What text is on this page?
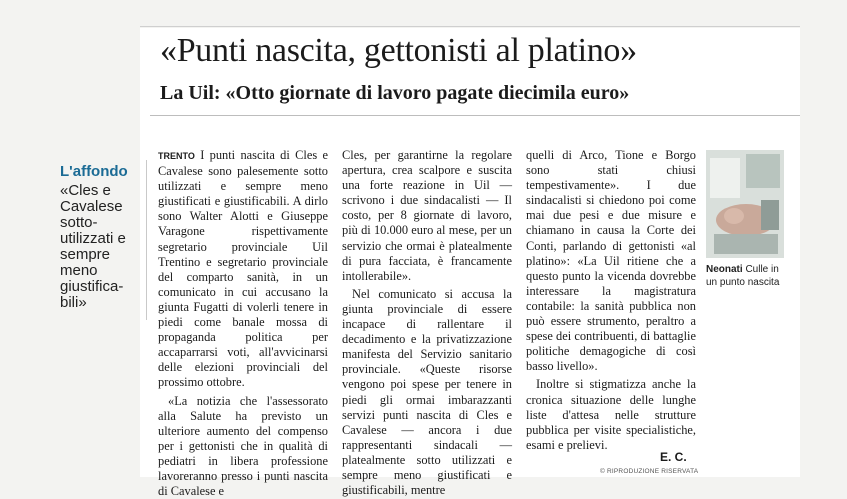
«Punti nascita, gettonisti al platino»
La Uil: «Otto giornate di lavoro pagate diecimila euro»
L'affondo
«Cles e Cavalese sotto-utilizzati e sempre meno giustifica-bili»

TRENTO I punti nascita di Cles e Cavalese sono palesemente sotto utilizzati e sempre meno giustificati e giustificabili. A dirlo sono Walter Alotti e Giuseppe Varagone rispettivamente segretario provinciale Uil Trentino e segretario provinciale del comparto sanità, in un comunicato in cui accusano la giunta Fugatti di volerli tenere in piedi come banale mossa di propaganda politica per accaparrarsi voti, all'avvicinarsi delle elezioni provinciali del prossimo ottobre.

«La notizia che l'assessorato alla Salute ha previsto un ulteriore aumento del compenso per i gettonisti che in qualità di pediatri in libera professione lavoreranno presso i punti nascita di Cavalese e

Cles, per garantirne la regolare apertura, crea scalpore e suscita una forte reazione in Uil — scrivono i due sindacalisti — Il costo, per 8 giornate di lavoro, più di 10.000 euro al mese, per un servizio che ormai è platealmente di pura facciata, è francamente intollerabile».

Nel comunicato si accusa la giunta provinciale di essere incapace di rallentare il decadimento e la privatizzazione manifesta del Servizio sanitario provinciale. «Queste risorse vengono poi spese per tenere in piedi gli ormai imbarazzanti servizi punti nascita di Cles e Cavalese — ancora i due rappresentanti sindacali — platealmente sotto utilizzati e sempre meno giustificati e giustificabili, mentre

quelli di Arco, Tione e Borgo sono stati chiusi tempestivamente». I due sindacalisti si chiedono poi come mai due pesi e due misure e chiamano in causa la Corte dei Conti, parlando di gettonisti «al platino»: «La Uil ritiene che a questo punto la vicenda dovrebbe interessare la magistratura contabile: la sanità pubblica non può essere strumento, peraltro a spese dei contribuenti, di battaglie politiche demagogiche di così basso livello».

Inoltre si stigmatizza anche la cronica situazione delle lunghe liste d'attesa nelle strutture pubblica per visite specialistiche, esami e prelievi.

E. C.
© RIPRODUZIONE RISERVATA
Neonati Culle in un punto nascita
